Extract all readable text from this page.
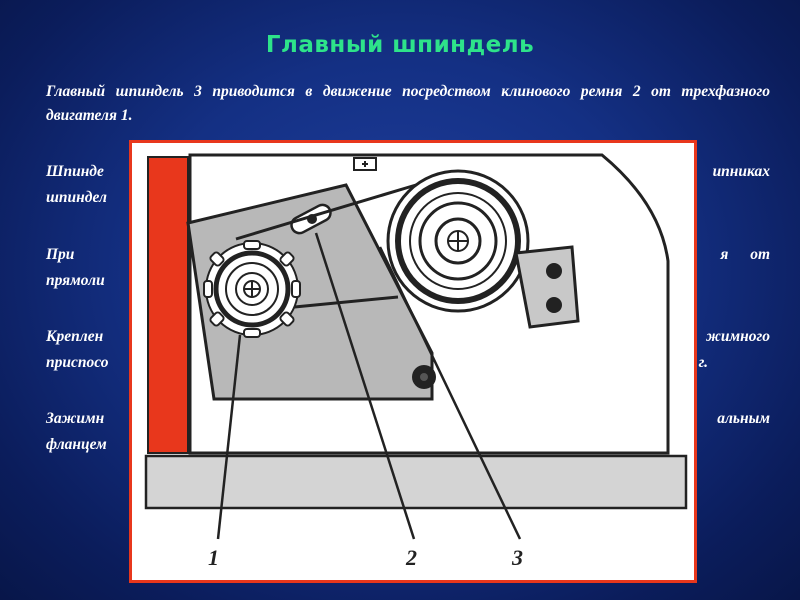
Главный шпиндель

Главный шпиндель 3 приводится в движение посредством клинового ремня 2 от трехфазного двигателя 1.

Шпинде
шпиндел
При
прямоли
Креплен
приспосо
Зажимн
фланцем
ипниках
я от
жимного
г.
альным
1	2	3
